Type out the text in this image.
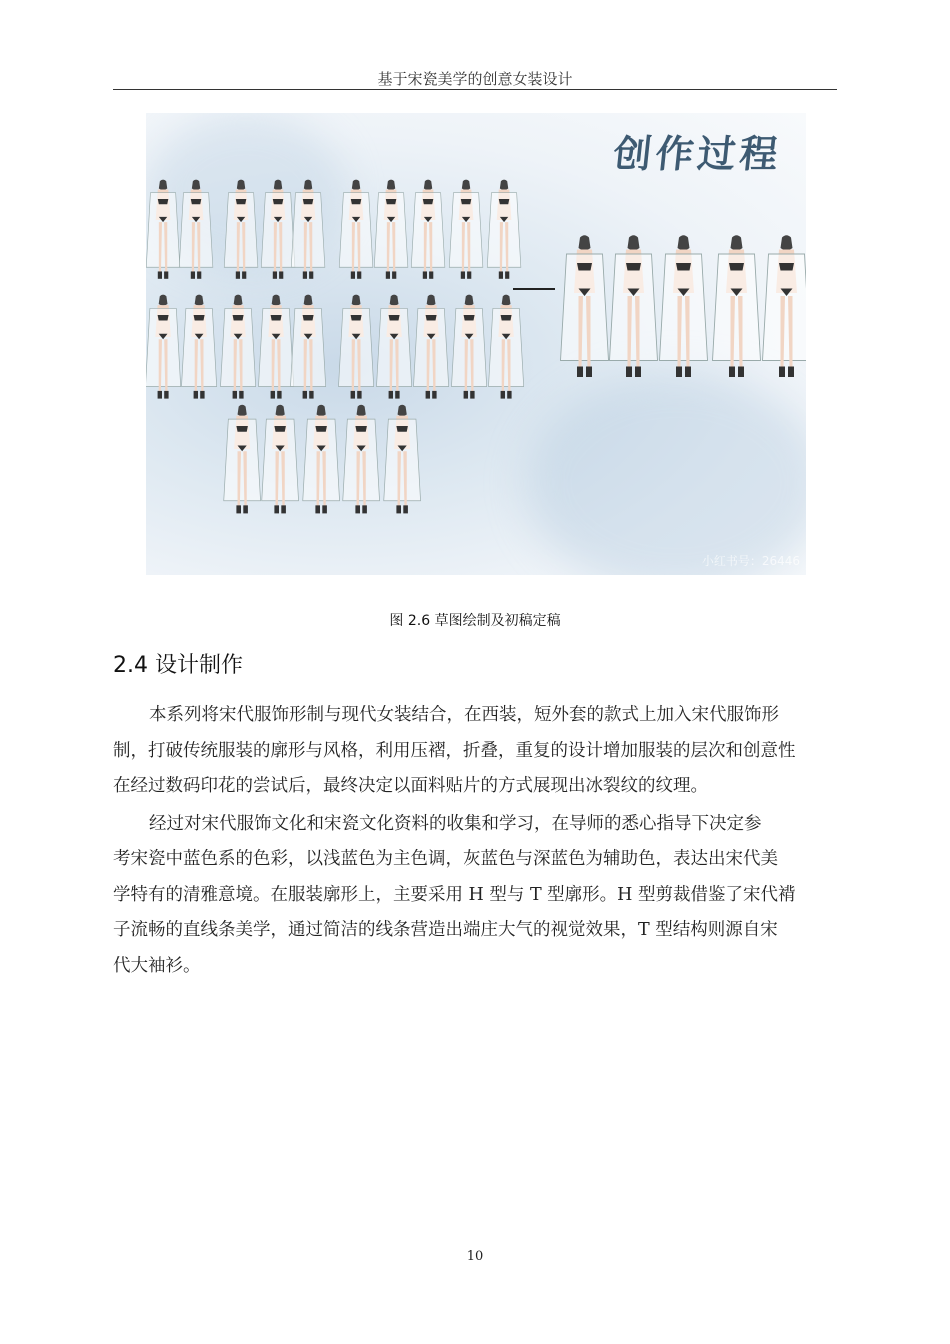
基于宋瓷美学的创意女装设计
创作过程
小红书号：26446
图 2.6 草图绘制及初稿定稿
2.4 设计制作
本系列将宋代服饰形制与现代女装结合，在西装，短外套的款式上加入宋代服饰形
制，打破传统服装的廓形与风格，利用压褶，折叠，重复的设计增加服装的层次和创意性
在经过数码印花的尝试后，最终决定以面料贴片的方式展现出冰裂纹的纹理。
经过对宋代服饰文化和宋瓷文化资料的收集和学习，在导师的悉心指导下决定参
考宋瓷中蓝色系的色彩，以浅蓝色为主色调，灰蓝色与深蓝色为辅助色，表达出宋代美
学特有的清雅意境。在服装廓形上，主要采用 H 型与 T 型廓形。H 型剪裁借鉴了宋代褙
子流畅的直线条美学，通过简洁的线条营造出端庄大气的视觉效果，T 型结构则源自宋
代大袖衫。
10
